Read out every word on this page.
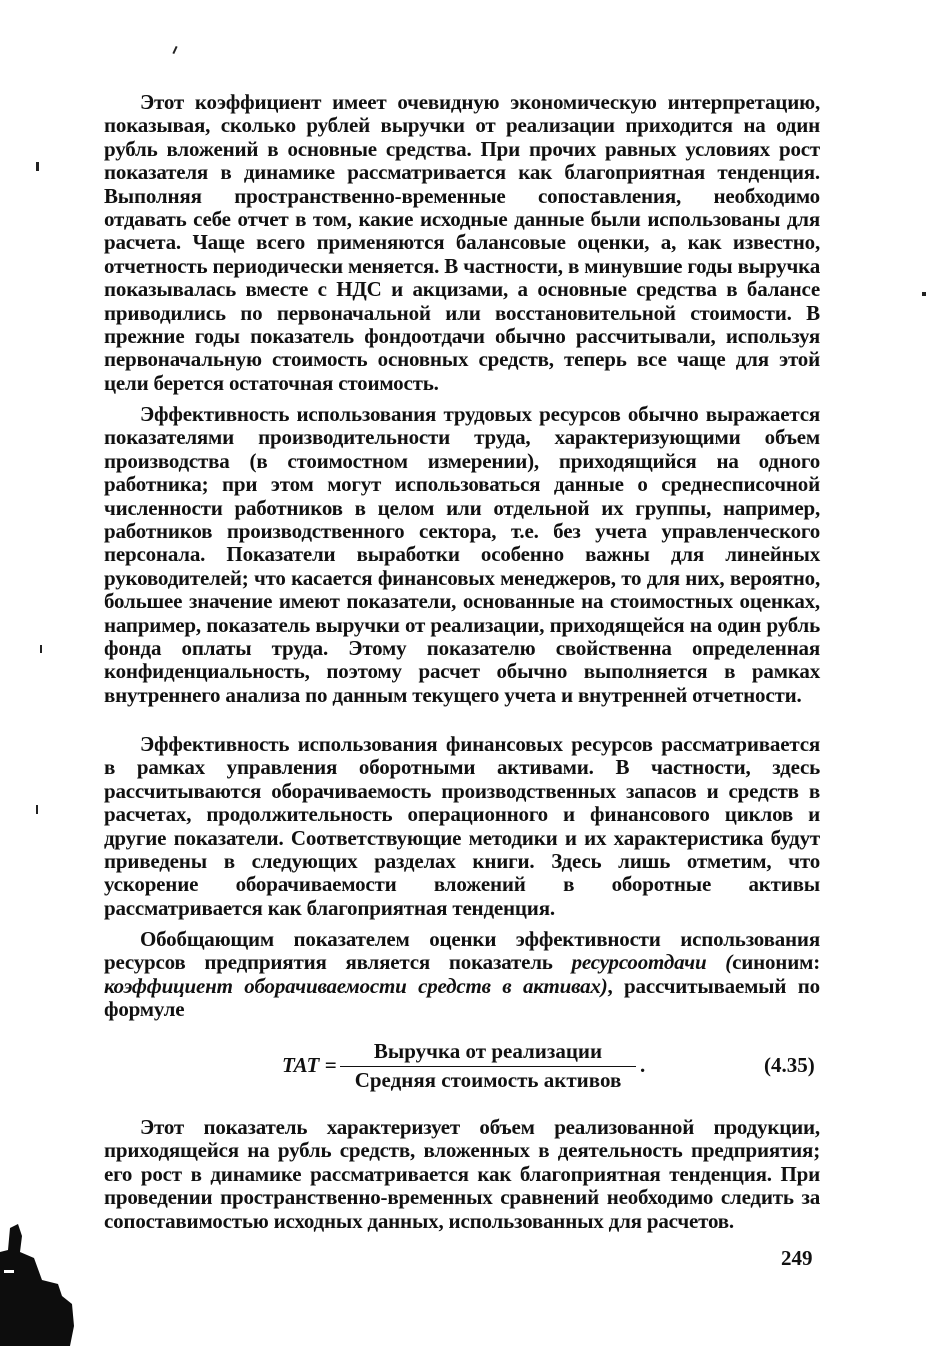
Этот коэффициент имеет очевидную экономическую интерпретацию, показывая, сколько рублей выручки от реализации приходится на один рубль вложений в основные средства. При прочих равных условиях рост показателя в динамике рассматривается как благоприятная тенденция. Выполняя пространственно-временные сопоставления, необходимо отдавать себе отчет в том, какие исходные данные были использованы для расчета. Чаще всего применяются балансовые оценки, а, как известно, отчетность периодически меняется. В частности, в минувшие годы выручка показывалась вместе с НДС и акцизами, а основные средства в балансе приводились по первоначальной или восстановительной стоимости. В прежние годы показатель фондоотдачи обычно рассчитывали, используя первоначальную стоимость основных средств, теперь все чаще для этой цели берется остаточная стоимость.

Эффективность использования трудовых ресурсов обычно выражается показателями производительности труда, характеризующими объем производства (в стоимостном измерении), приходящийся на одного работника; при этом могут использоваться данные о среднесписочной численности работников в целом или отдельной их группы, например, работников производственного сектора, т.е. без учета управленческого персонала. Показатели выработки особенно важны для линейных руководителей; что касается финансовых менеджеров, то для них, вероятно, большее значение имеют показатели, основанные на стоимостных оценках, например, показатель выручки от реализации, приходящейся на один рубль фонда оплаты труда. Этому показателю свойственна определенная конфиденциальность, поэтому расчет обычно выполняется в рамках внутреннего анализа по данным текущего учета и внутренней отчетности.

Эффективность использования финансовых ресурсов рассматривается в рамках управления оборотными активами. В частности, здесь рассчитываются оборачиваемость производственных запасов и средств в расчетах, продолжительность операционного и финансового циклов и другие показатели. Соответствующие методики и их характеристика будут приведены в следующих разделах книги. Здесь лишь отметим, что ускорение оборачиваемости вложений в оборотные активы рассматривается как благоприятная тенденция.

Обобщающим показателем оценки эффективности использования ресурсов предприятия является показатель ресурсоотдачи (синоним: коэффициент оборачиваемости средств в активах), рассчитываемый по формуле

TAT =
Выручка от реализации
Средняя стоимость активов
.	(4.35)

Этот показатель характеризует объем реализованной продукции, приходящейся на рубль средств, вложенных в деятельность предприятия; его рост в динамике рассматривается как благоприятная тенденция. При проведении пространственно-временных сравнений необходимо следить за сопоставимостью исходных данных, использованных для расчетов.

249
